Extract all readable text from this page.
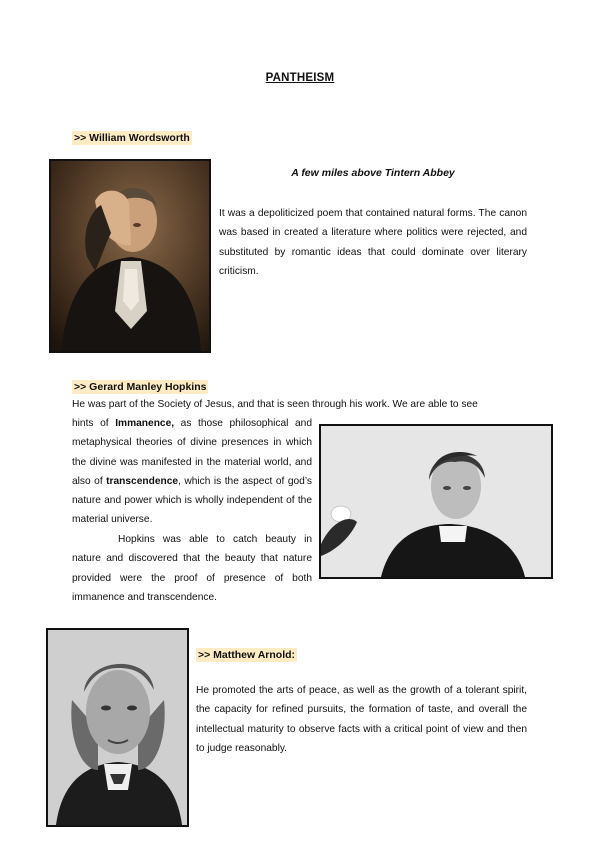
PANTHEISM
>> William Wordsworth
A few miles above Tintern Abbey
It was a depoliticized poem that contained natural forms. The canon was based in created a literature where politics were rejected, and substituted by romantic ideas that could dominate over literary criticism.
>> Gerard Manley Hopkins
He was part of the Society of Jesus, and that is seen through his work. We are able to see
hints of Immanence, as those philosophical and metaphysical theories of divine presences in which the divine was manifested in the material world, and also of transcendence, which is the aspect of god’s nature and power which is wholly independent of the material universe.
Hopkins was able to catch beauty in nature and discovered that the beauty that nature provided were the proof of presence of both immanence and transcendence.
>> Matthew Arnold:
He promoted the arts of peace, as well as the growth of a tolerant spirit, the capacity for refined pursuits, the formation of taste, and overall the intellectual maturity to observe facts with a critical point of view and then to judge reasonably.
